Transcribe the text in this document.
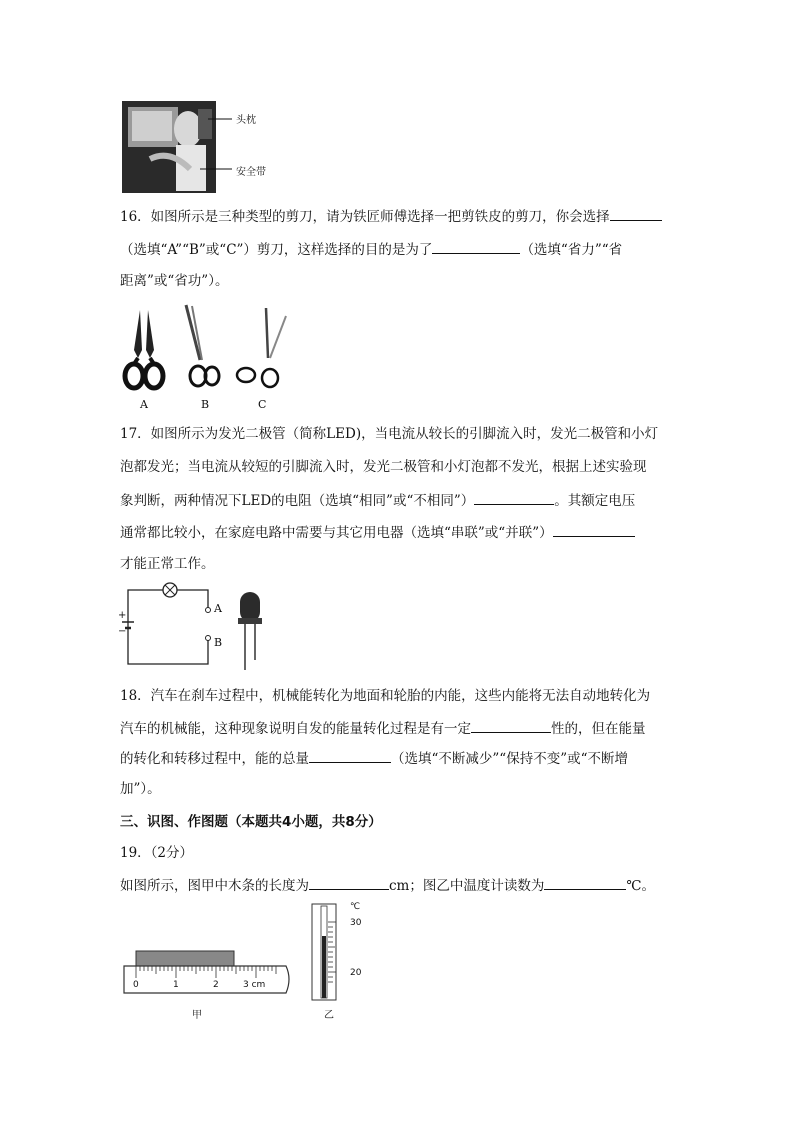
头枕
安全带
16．如图所示是三种类型的剪刀，请为铁匠师傅选择一把剪铁皮的剪刀，你会选择
（选填“A”“B”或“C”）剪刀，这样选择的目的是为了	（选填“省力”“省
距离”或“省功”）。
A	B	C
17．如图所示为发光二极管（简称LED)，当电流从较长的引脚流入时，发光二极管和小灯
泡都发光；当电流从较短的引脚流入时，发光二极管和小灯泡都不发光，根据上述实验现
象判断，两种情况下LED的电阻（选填“相同”或“不相同”）	。其额定电压
通常都比较小，在家庭电路中需要与其它用电器（选填“串联”或“并联”）
才能正常工作。
+
−
A
B
18．汽车在刹车过程中，机械能转化为地面和轮胎的内能，这些内能将无法自动地转化为
汽车的机械能，这种现象说明自发的能量转化过程是有一定	性的，但在能量
的转化和转移过程中，能的总量	（选填“不断减少”“保持不变”或“不断增
加”）。
三、识图、作图题（本题共4小题，共8分）
19．（2分）
如图所示，图甲中木条的长度为	cm；图乙中温度计读数为	℃。
0	1	2	3 cm
甲
℃
30
20
乙
